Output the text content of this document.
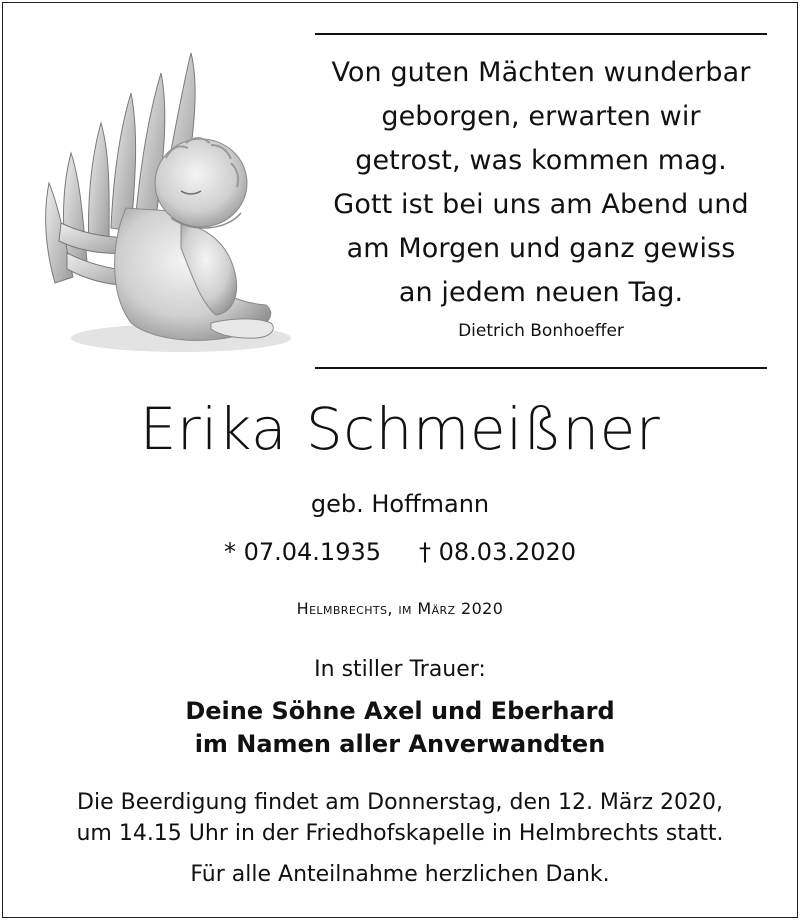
Von guten Mächten wunderbar
geborgen, erwarten wir
getrost, was kommen mag.
Gott ist bei uns am Abend und
am Morgen und ganz gewiss
an jedem neuen Tag.
Dietrich Bonhoeffer
Erika Schmeißner
geb. Hoffmann
* 07.04.1935 † 08.03.2020
Helmbrechts, im März 2020
In stiller Trauer:
Deine Söhne Axel und Eberhard
im Namen aller Anverwandten
Die Beerdigung findet am Donnerstag, den 12. März 2020,
um 14.15 Uhr in der Friedhofskapelle in Helmbrechts statt.
Für alle Anteilnahme herzlichen Dank.
